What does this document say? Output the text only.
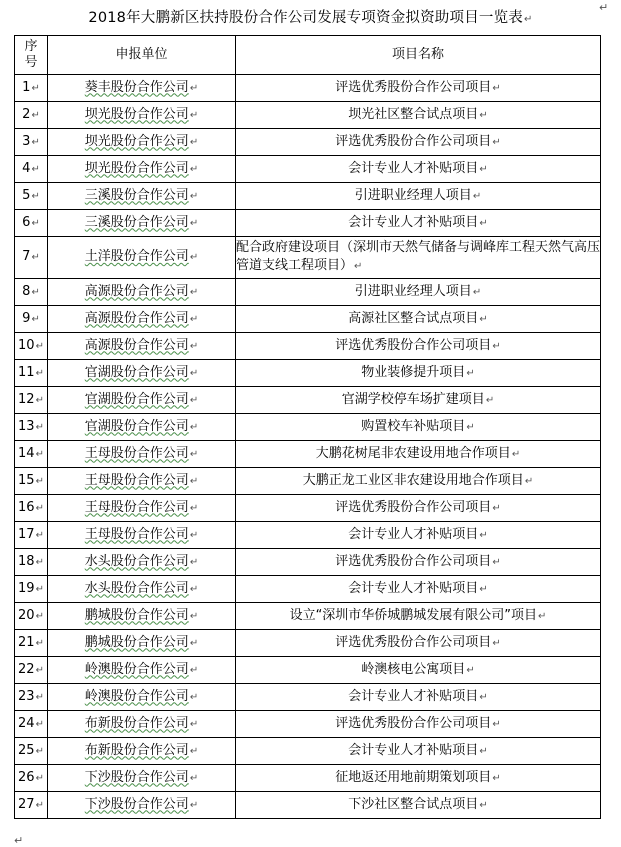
2018年大鹏新区扶持股份合作公司发展专项资金拟资助项目一览表↵
↵
序
号	申报单位	项目名称
1↵	葵丰股份合作公司↵	评选优秀股份合作公司项目↵
2↵	坝光股份合作公司↵	坝光社区整合试点项目↵
3↵	坝光股份合作公司↵	评选优秀股份合作公司项目↵
4↵	坝光股份合作公司↵	会计专业人才补贴项目↵
5↵	三溪股份合作公司↵	引进职业经理人项目↵
6↵	三溪股份合作公司↵	会计专业人才补贴项目↵
7↵	土洋股份合作公司↵	配合政府建设项目（深圳市天然气储备与调峰库工程天然气高压管道支线工程项目）↵
8↵	高源股份合作公司↵	引进职业经理人项目↵
9↵	高源股份合作公司↵	高源社区整合试点项目↵
10↵	高源股份合作公司↵	评选优秀股份合作公司项目↵
11↵	官湖股份合作公司↵	物业装修提升项目↵
12↵	官湖股份合作公司↵	官湖学校停车场扩建项目↵
13↵	官湖股份合作公司↵	购置校车补贴项目↵
14↵	王母股份合作公司↵	大鹏花树尾非农建设用地合作项目↵
15↵	王母股份合作公司↵	大鹏正龙工业区非农建设用地合作项目↵
16↵	王母股份合作公司↵	评选优秀股份合作公司项目↵
17↵	王母股份合作公司↵	会计专业人才补贴项目↵
18↵	水头股份合作公司↵	评选优秀股份合作公司项目↵
19↵	水头股份合作公司↵	会计专业人才补贴项目↵
20↵	鹏城股份合作公司↵	设立“深圳市华侨城鹏城发展有限公司”项目↵
21↵	鹏城股份合作公司↵	评选优秀股份合作公司项目↵
22↵	岭澳股份合作公司↵	岭澳核电公寓项目↵
23↵	岭澳股份合作公司↵	会计专业人才补贴项目↵
24↵	布新股份合作公司↵	评选优秀股份合作公司项目↵
25↵	布新股份合作公司↵	会计专业人才补贴项目↵
26↵	下沙股份合作公司↵	征地返还用地前期策划项目↵
27↵	下沙股份合作公司↵	下沙社区整合试点项目↵
↵
